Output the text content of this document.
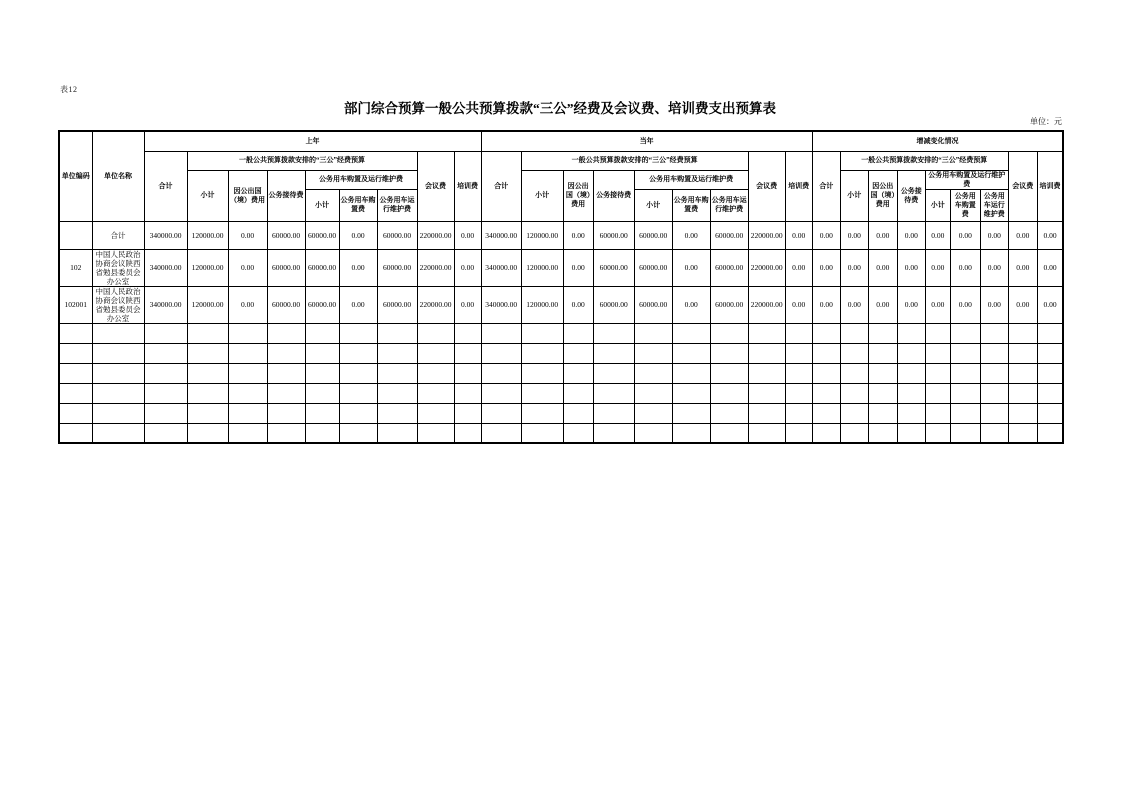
表12
部门综合预算一般公共预算拨款“三公”经费及会议费、培训费支出预算表
单位：元
单位编码	单位名称	上年									当年									增减变化情况								
		合计	一般公共预算拨款安排的“三公”经费预算						会议费	培训费	合计	一般公共预算拨款安排的“三公”经费预算						会议费	培训费	合计	一般公共预算拨款安排的“三公”经费预算						会议费	培训费
			小计	因公出国（境）费用	公务接待费	公务用车购置及运行维护费						小计	因公出国（境）费用	公务接待费	公务用车购置及运行维护费						小计	因公出国（境）费用	公务接待费	公务用车购置及运行维护费				
						小计	公务用车购置费	公务用车运行维护费							小计	公务用车购置费	公务用车运行维护费							小计	公务用车购置费	公务用车运行维护费		
	合计	340000.00	120000.00	0.00	60000.00	60000.00	0.00	60000.00	220000.00	0.00	340000.00	120000.00	0.00	60000.00	60000.00	0.00	60000.00	220000.00	0.00	0.00	0.00	0.00	0.00	0.00	0.00	0.00	0.00	0.00
102	中国人民政治协商会议陕西省勉县委员会办公室	340000.00	120000.00	0.00	60000.00	60000.00	0.00	60000.00	220000.00	0.00	340000.00	120000.00	0.00	60000.00	60000.00	0.00	60000.00	220000.00	0.00	0.00	0.00	0.00	0.00	0.00	0.00	0.00	0.00	0.00
102001	中国人民政治协商会议陕西省勉县委员会办公室	340000.00	120000.00	0.00	60000.00	60000.00	0.00	60000.00	220000.00	0.00	340000.00	120000.00	0.00	60000.00	60000.00	0.00	60000.00	220000.00	0.00	0.00	0.00	0.00	0.00	0.00	0.00	0.00	0.00	0.00
